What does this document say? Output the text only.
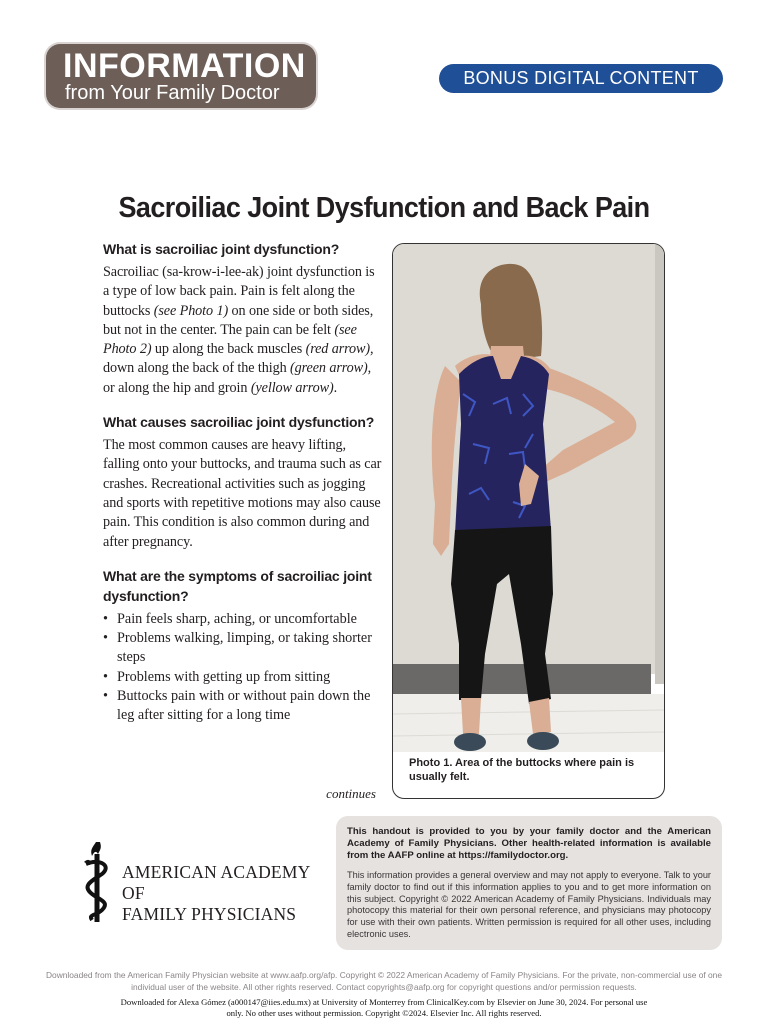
INFORMATION
from Your Family Doctor
BONUS DIGITAL CONTENT
Sacroiliac Joint Dysfunction and Back Pain
What is sacroiliac joint dysfunction?

Sacroiliac (sa-krow-i-lee-ak) joint dysfunction is a type of low back pain. Pain is felt along the buttocks (see Photo 1) on one side or both sides, but not in the center. The pain can be felt (see Photo 2) up along the back muscles (red arrow), down along the back of the thigh (green arrow), or along the hip and groin (yellow arrow).

What causes sacroiliac joint dysfunction?

The most common causes are heavy lifting, falling onto your buttocks, and trauma such as car crashes. Recreational activities such as jogging and sports with repetitive motions may also cause pain. This condition is also common during and after pregnancy.

What are the symptoms of sacroiliac joint dysfunction?
• Pain feels sharp, aching, or uncomfortable
• Problems walking, limping, or taking shorter steps
• Problems with getting up from sitting
• Buttocks pain with or without pain down the leg after sitting for a long time
continues
Photo 1. Area of the buttocks where pain is usually felt.
AMERICAN ACADEMY OF
FAMILY PHYSICIANS
This handout is provided to you by your family doctor and the American Academy of Family Physicians. Other health-related information is available from the AAFP online at https://familydoctor.org.
This information provides a general overview and may not apply to everyone. Talk to your family doctor to find out if this information applies to you and to get more information on this subject. Copyright © 2022 American Academy of Family Physicians. Individuals may photocopy this material for their own personal reference, and physicians may photocopy for use with their own patients. Written permission is required for all other uses, including electronic uses.
Downloaded from the American Family Physician website at www.aafp.org/afp. Copyright © 2022 American Academy of Family Physicians. For the private, non-commercial use of one individual user of the website. All other rights reserved. Contact copyrights@aafp.org for copyright questions and/or permission requests.
Downloaded for Alexa Gómez (a000147@iies.edu.mx) at University of Monterrey from ClinicalKey.com by Elsevier on June 30, 2024. For personal use only. No other uses without permission. Copyright ©2024. Elsevier Inc. All rights reserved.
